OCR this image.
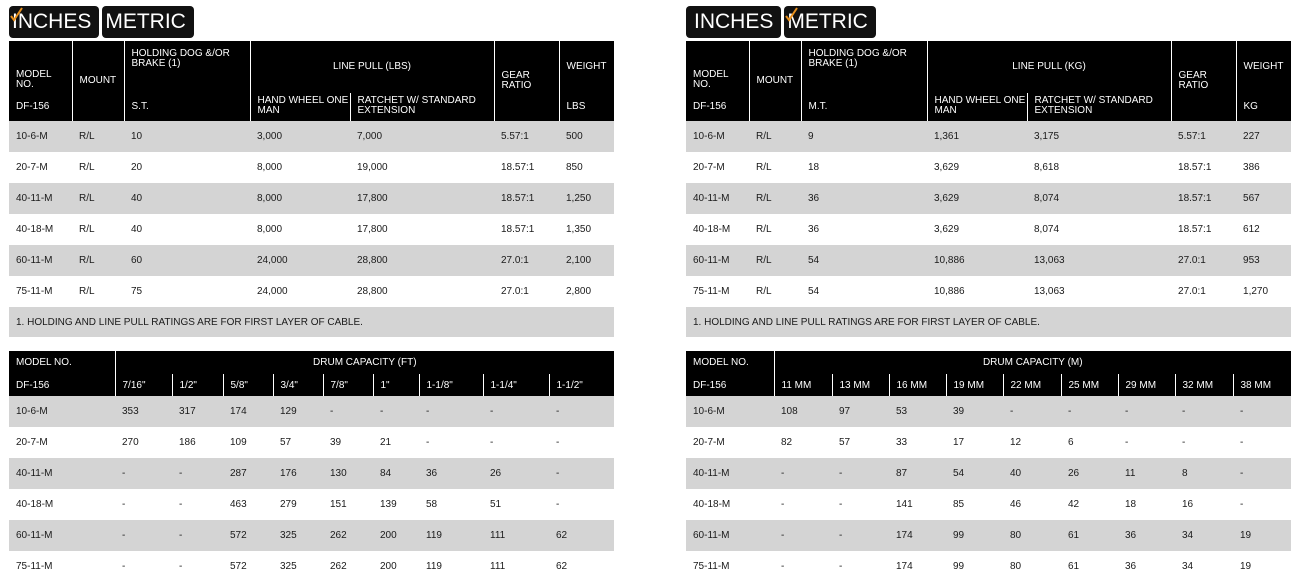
INCHES METRIC
MODEL NO.	MOUNT	HOLDING DOG &/OR BRAKE (1)	LINE PULL (LBS)		GEAR RATIO	WEIGHT
DF-156		S.T.	HAND WHEEL ONE MAN	RATCHET W/ STANDARD EXTENSION		LBS
10-6-M	R/L	10	3,000	7,000	5.57:1	500
20-7-M	R/L	20	8,000	19,000	18.57:1	850
40-11-M	R/L	40	8,000	17,800	18.57:1	1,250
40-18-M	R/L	40	8,000	17,800	18.57:1	1,350
60-11-M	R/L	60	24,000	28,800	27.0:1	2,100
75-11-M	R/L	75	24,000	28,800	27.0:1	2,800
1. HOLDING AND LINE PULL RATINGS ARE FOR FIRST LAYER OF CABLE.						
MODEL NO.	DRUM CAPACITY (FT)								
DF-156	7/16"	1/2"	5/8"	3/4"	7/8"	1"	1-1/8"	1-1/4"	1-1/2"
10-6-M	353	317	174	129	-	-	-	-	-
20-7-M	270	186	109	57	39	21	-	-	-
40-11-M	-	-	287	176	130	84	36	26	-
40-18-M	-	-	463	279	151	139	58	51	-
60-11-M	-	-	572	325	262	200	119	111	62
75-11-M	-	-	572	325	262	200	119	111	62
INCHES METRIC
MODEL NO.	MOUNT	HOLDING DOG &/OR BRAKE (1)	LINE PULL (KG)		GEAR RATIO	WEIGHT
DF-156		M.T.	HAND WHEEL ONE MAN	RATCHET W/ STANDARD EXTENSION		KG
10-6-M	R/L	9	1,361	3,175	5.57:1	227
20-7-M	R/L	18	3,629	8,618	18.57:1	386
40-11-M	R/L	36	3,629	8,074	18.57:1	567
40-18-M	R/L	36	3,629	8,074	18.57:1	612
60-11-M	R/L	54	10,886	13,063	27.0:1	953
75-11-M	R/L	54	10,886	13,063	27.0:1	1,270
1. HOLDING AND LINE PULL RATINGS ARE FOR FIRST LAYER OF CABLE.						
MODEL NO.	DRUM CAPACITY (M)								
DF-156	11 MM	13 MM	16 MM	19 MM	22 MM	25 MM	29 MM	32 MM	38 MM
10-6-M	108	97	53	39	-	-	-	-	-
20-7-M	82	57	33	17	12	6	-	-	-
40-11-M	-	-	87	54	40	26	11	8	-
40-18-M	-	-	141	85	46	42	18	16	-
60-11-M	-	-	174	99	80	61	36	34	19
75-11-M	-	-	174	99	80	61	36	34	19
